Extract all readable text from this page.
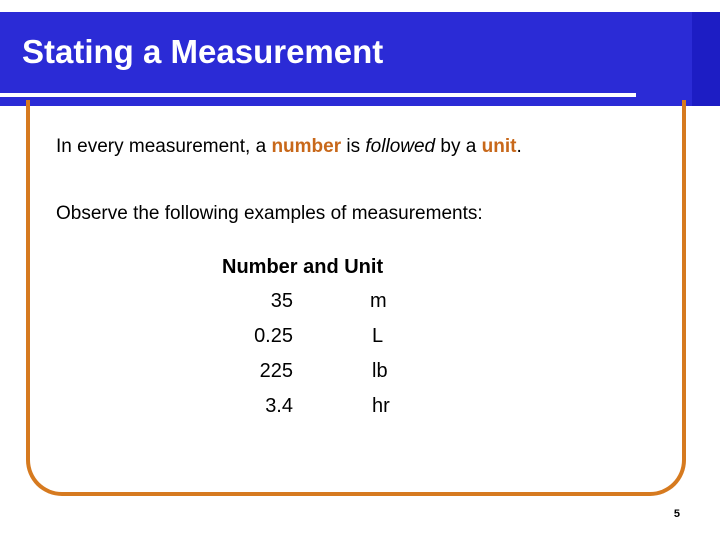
Stating a Measurement
In every measurement, a number is followed by a unit.
Observe the following examples of measurements:
Number and Unit
35	m
0.25	L
225	lb
3.4	hr
5
